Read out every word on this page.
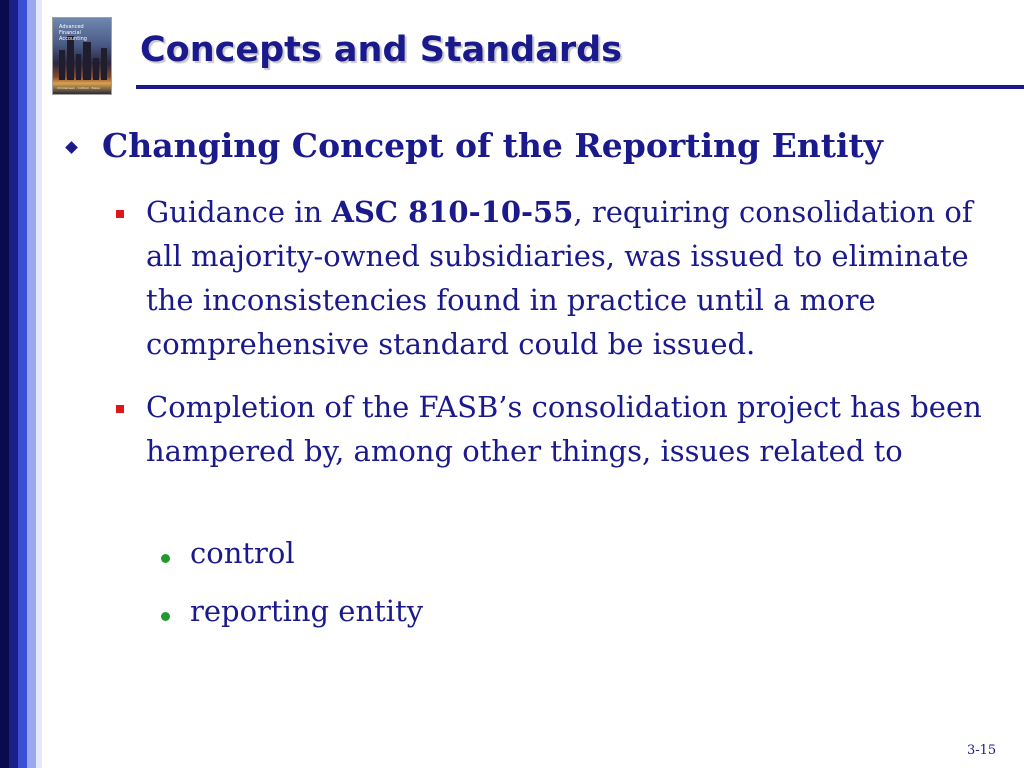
Advanced Financial Accounting
Christensen · Cottrell · Baker
Concepts and Standards
Changing Concept of the Reporting Entity
Guidance in ASC 810-10-55, requiring consolidation of all majority-owned subsidiaries, was issued to eliminate the inconsistencies found in practice until a more comprehensive standard could be issued.
Completion of the FASB’s consolidation project has been hampered by, among other things, issues related to
control
reporting entity
3-15
